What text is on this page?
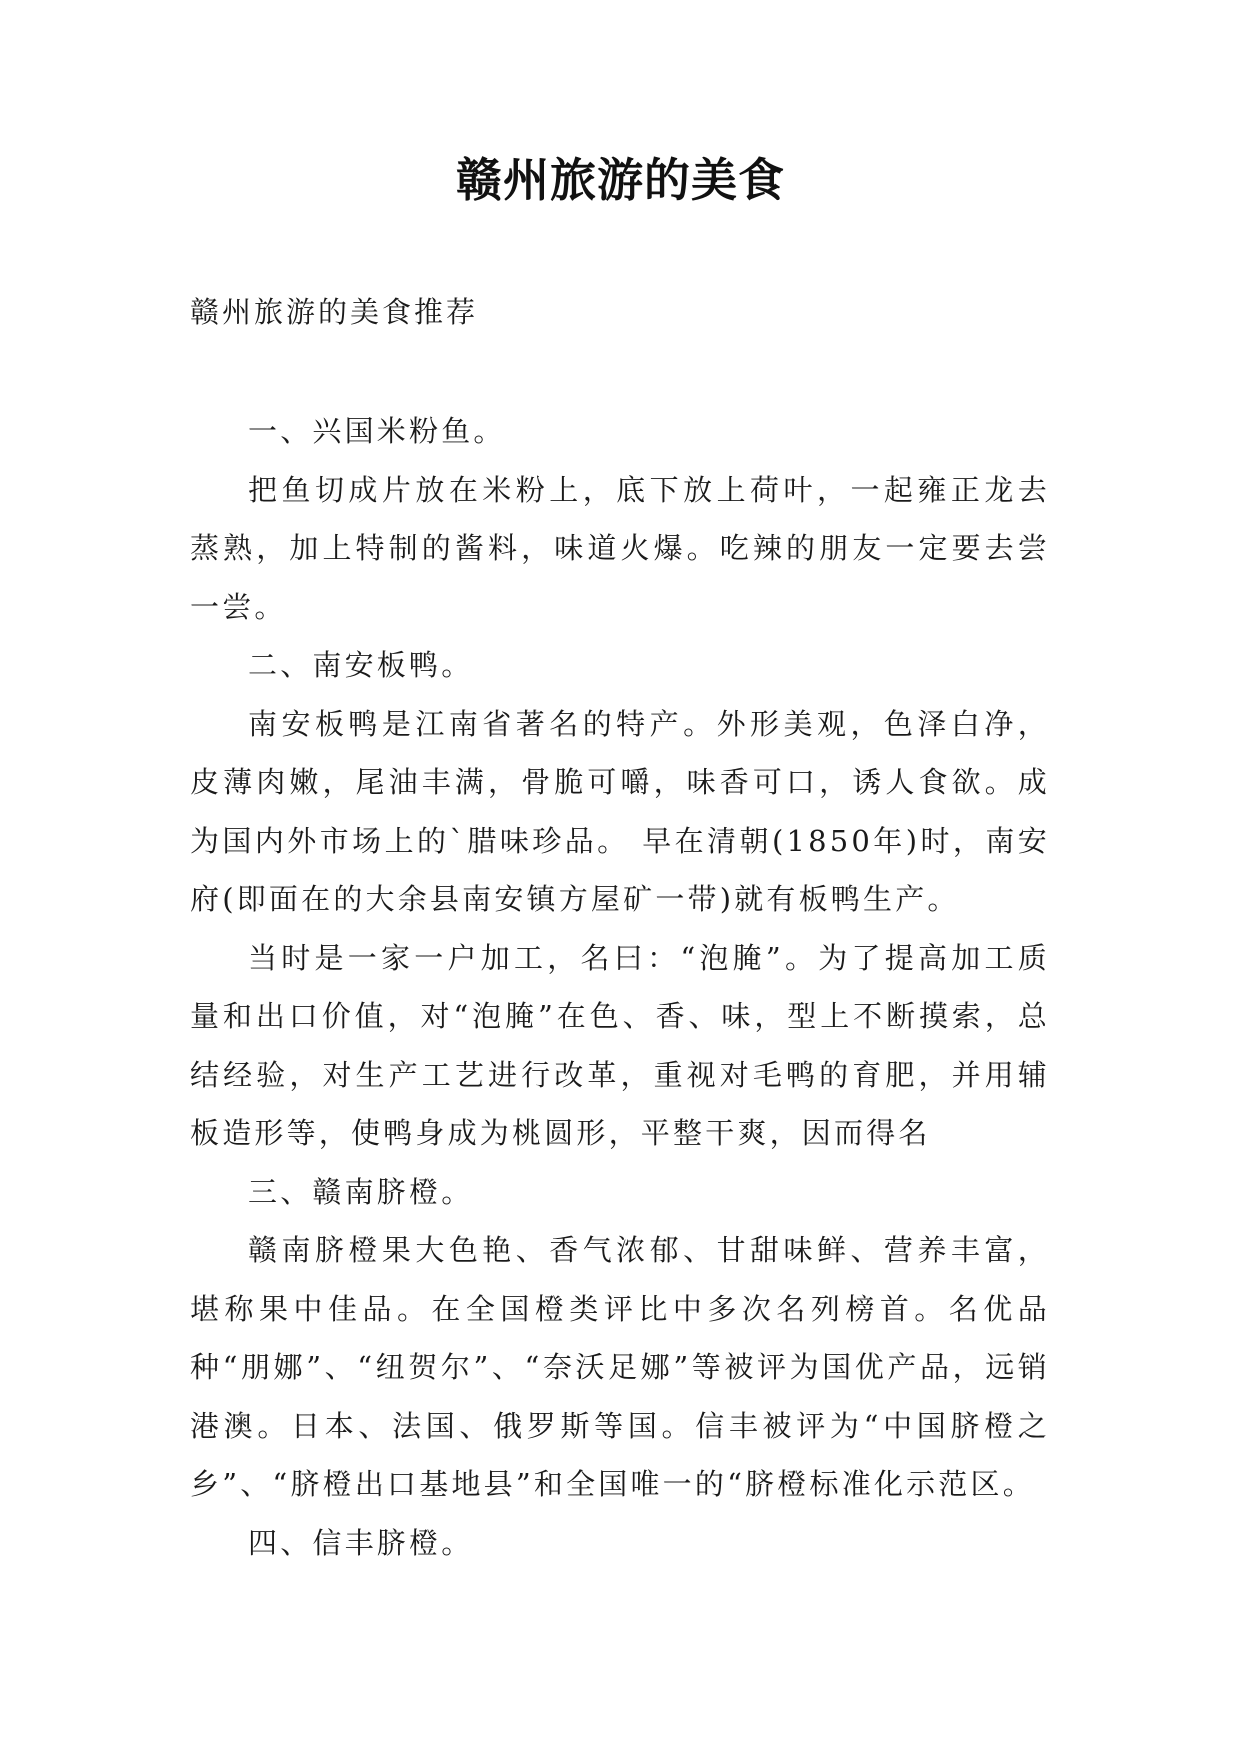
赣州旅游的美食
赣州旅游的美食推荐

一、兴国米粉鱼。

把鱼切成片放在米粉上，底下放上荷叶，一起雍正龙去蒸熟，加上特制的酱料，味道火爆。吃辣的朋友一定要去尝一尝。

二、南安板鸭。

南安板鸭是江南省著名的特产。外形美观，色泽白净，皮薄肉嫩，尾油丰满，骨脆可嚼，味香可口，诱人食欲。成为国内外市场上的`腊味珍品。 早在清朝(1850年)时，南安府(即面在的大余县南安镇方屋矿一带)就有板鸭生产。

当时是一家一户加工，名曰：“泡腌”。为了提高加工质量和出口价值，对“泡腌”在色、香、味，型上不断摸索，总结经验，对生产工艺进行改革，重视对毛鸭的育肥，并用辅板造形等，使鸭身成为桃圆形，平整干爽，因而得名

三、赣南脐橙。

赣南脐橙果大色艳、香气浓郁、甘甜味鲜、营养丰富，堪称果中佳品。在全国橙类评比中多次名列榜首。名优品种“朋娜”、“纽贺尔”、“奈沃足娜”等被评为国优产品，远销港澳。日本、法国、俄罗斯等国。信丰被评为“中国脐橙之乡”、“脐橙出口基地县”和全国唯一的“脐橙标准化示范区。

四、信丰脐橙。
